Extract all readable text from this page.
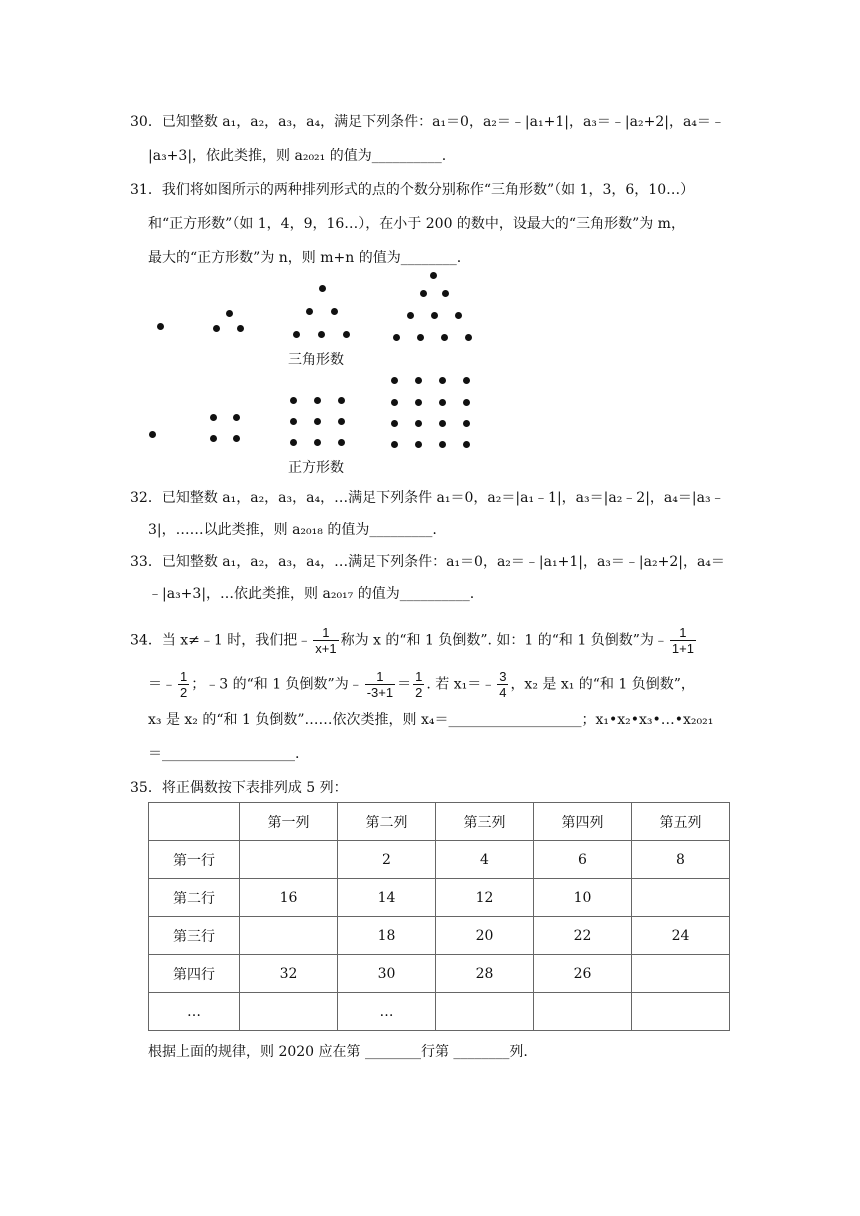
30．已知整数 a₁，a₂，a₃，a₄，满足下列条件：a₁＝0，a₂＝﹣|a₁+1|，a₃＝﹣|a₂+2|，a₄＝﹣
|a₃+3|，依此类推，则 a₂₀₂₁ 的值为__________.
31．我们将如图所示的两种排列形式的点的个数分别称作“三角形数”（如 1，3，6，10…）
和“正方形数”（如 1，4，9，16…），在小于 200 的数中，设最大的“三角形数”为 m，
最大的“正方形数”为 n，则 m+n 的值为________.
三角形数
正方形数
32．已知整数 a₁，a₂，a₃，a₄，…满足下列条件 a₁＝0，a₂＝|a₁﹣1|，a₃＝|a₂﹣2|，a₄＝|a₃﹣
3|，……以此类推，则 a₂₀₁₈ 的值为_________.
33．已知整数 a₁，a₂，a₃，a₄，…满足下列条件：a₁＝0，a₂＝﹣|a₁+1|，a₃＝﹣|a₂+2|，a₄＝
﹣|a₃+3|，…依此类推，则 a₂₀₁₇ 的值为__________.
34．当 x≠﹣1 时，我们把﹣ $\frac{1}{x+1}$ 称为 x 的“和 1 负倒数”. 如：1 的“和 1 负倒数”为﹣ $\frac{1}{1+1}$
＝﹣ $\frac{1}{2}$ ；﹣3 的“和 1 负倒数”为﹣ $\frac{1}{-3+1} = \frac{1}{2}$ . 若 x₁＝﹣ $\frac{3}{4}$ ，x₂ 是 x₁ 的“和 1 负倒数”，
x₃ 是 x₂ 的“和 1 负倒数”……依次类推，则 x₄＝___________________；x₁•x₂•x₃•…•x₂₀₂₁
＝___________________.
35．将正偶数按下表排列成 5 列：
	第一列	第二列	第三列	第四列	第五列
第一行		2	4	6	8
第二行	16	14	12	10	
第三行		18	20	22	24
第四行	32	30	28	26	
…		…			
根据上面的规律，则 2020 应在第 ________行第 ________列.
